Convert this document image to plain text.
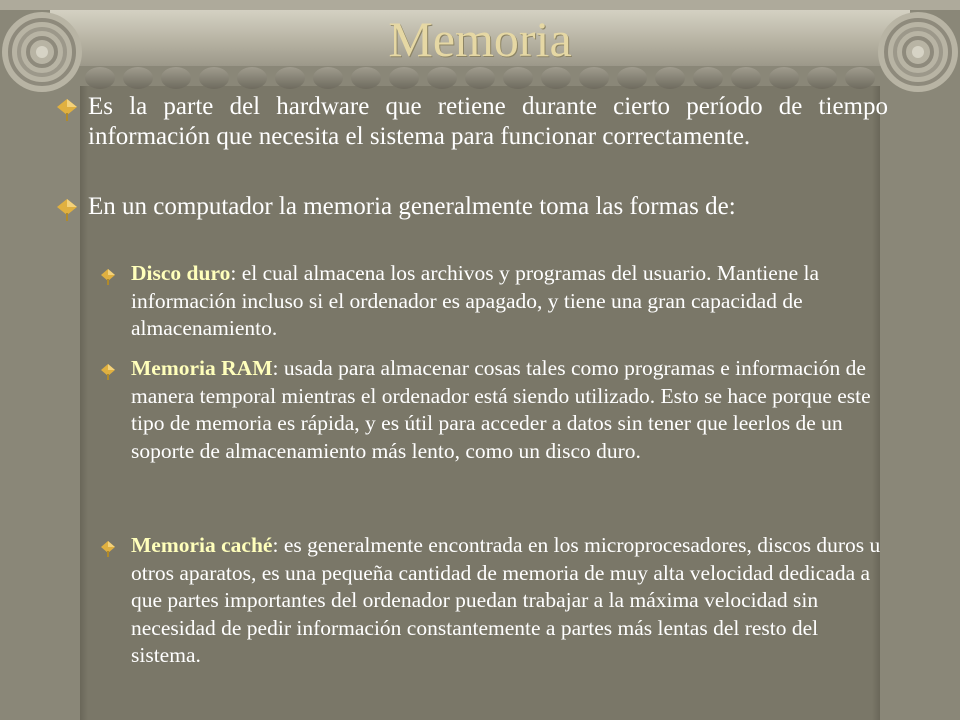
Memoria
Es la parte del hardware que retiene durante cierto período de tiempo información que necesita el sistema para funcionar correctamente.
En un computador la memoria generalmente toma las formas de:
Disco duro: el cual almacena los archivos y programas del usuario. Mantiene la información incluso si el ordenador es apagado, y tiene una gran capacidad de almacenamiento.
Memoria RAM: usada para almacenar cosas tales como programas e información de manera temporal mientras el ordenador está siendo utilizado. Esto se hace porque este tipo de memoria es rápida, y es útil para acceder a datos sin tener que leerlos de un soporte de almacenamiento más lento, como un disco duro.
Memoria caché: es generalmente encontrada en los microprocesadores, discos duros u otros aparatos, es una pequeña cantidad de memoria de muy alta velocidad dedicada a que partes importantes del ordenador puedan trabajar a la máxima velocidad sin necesidad de pedir información constantemente a partes más lentas del resto del sistema.
